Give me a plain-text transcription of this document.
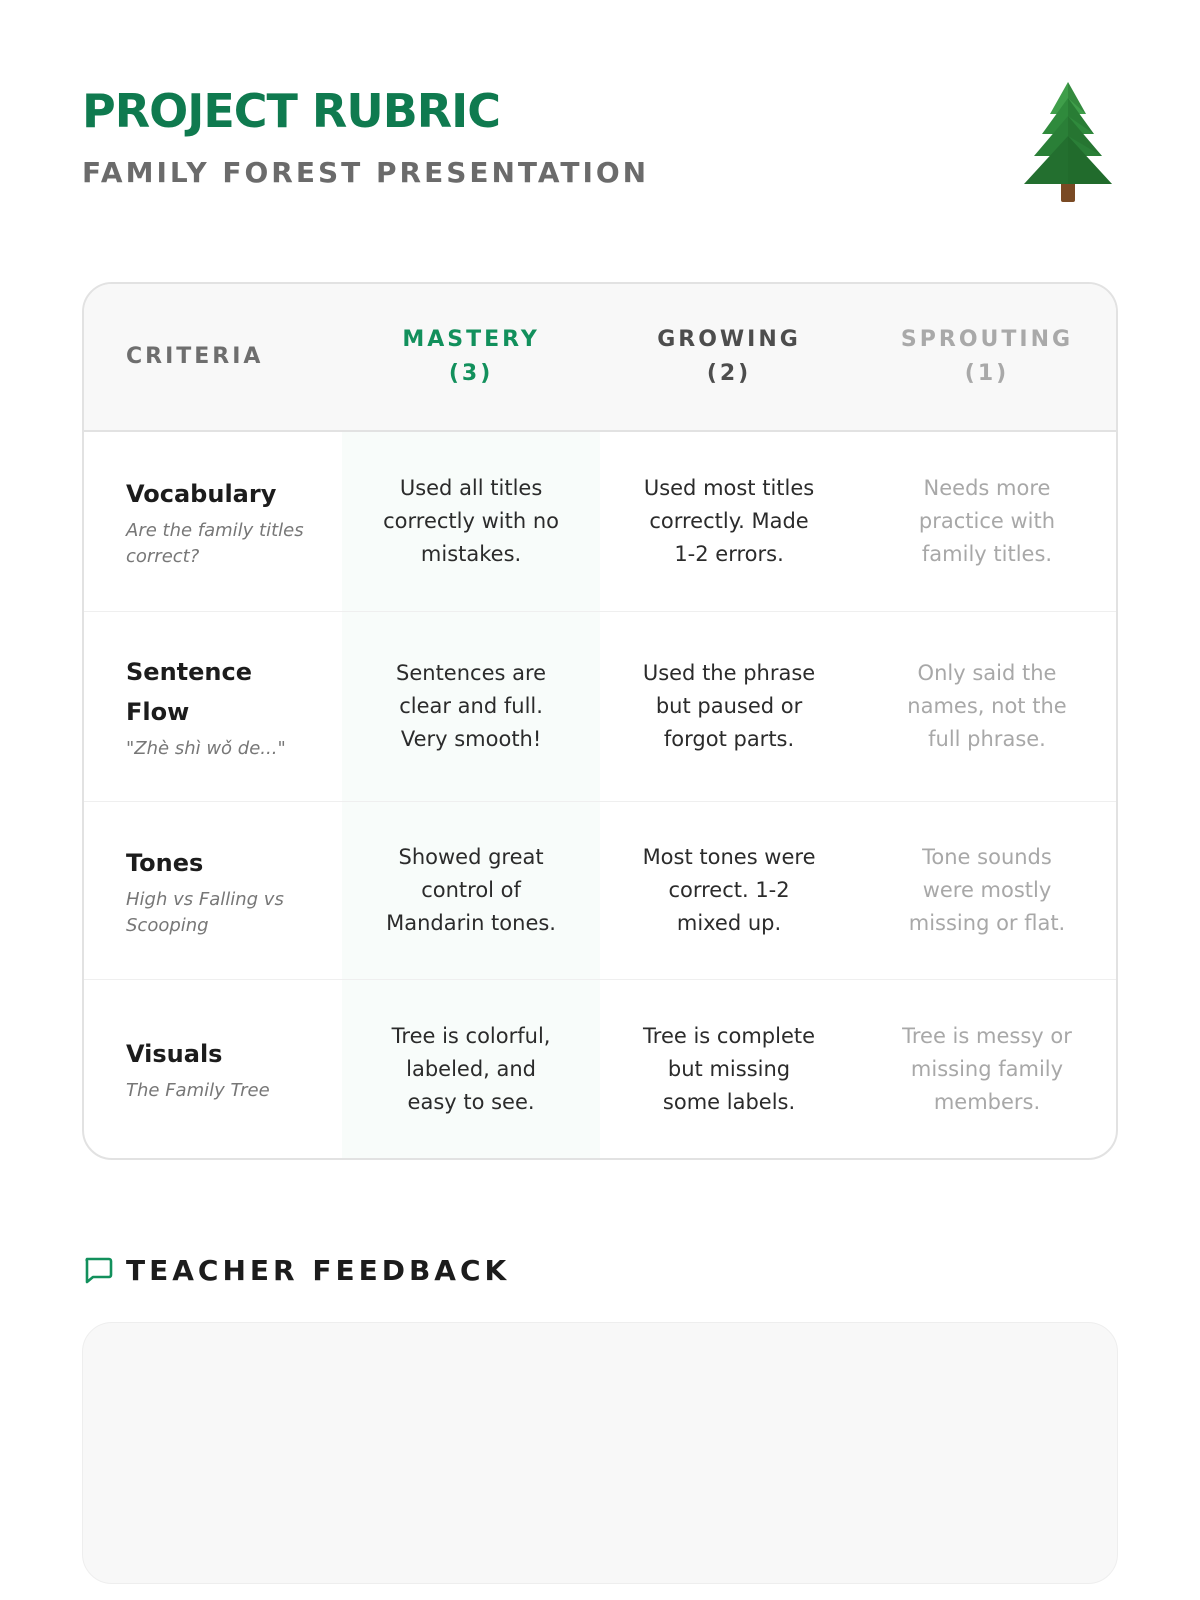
PROJECT RUBRIC
FAMILY FOREST PRESENTATION
CRITERIA
MASTERY
(3)
GROWING
(2)
SPROUTING
(1)
Vocabulary
Are the family titles correct?
Used all titles correctly with no mistakes.
Used most titles correctly. Made 1-2 errors.
Needs more practice with family titles.
Sentence Flow
"Zhè shì wǒ de..."
Sentences are clear and full. Very smooth!
Used the phrase but paused or forgot parts.
Only said the names, not the full phrase.
Tones
High vs Falling vs Scooping
Showed great control of Mandarin tones.
Most tones were correct. 1-2 mixed up.
Tone sounds were mostly missing or flat.
Visuals
The Family Tree
Tree is colorful, labeled, and easy to see.
Tree is complete but missing some labels.
Tree is messy or missing family members.
TEACHER FEEDBACK
